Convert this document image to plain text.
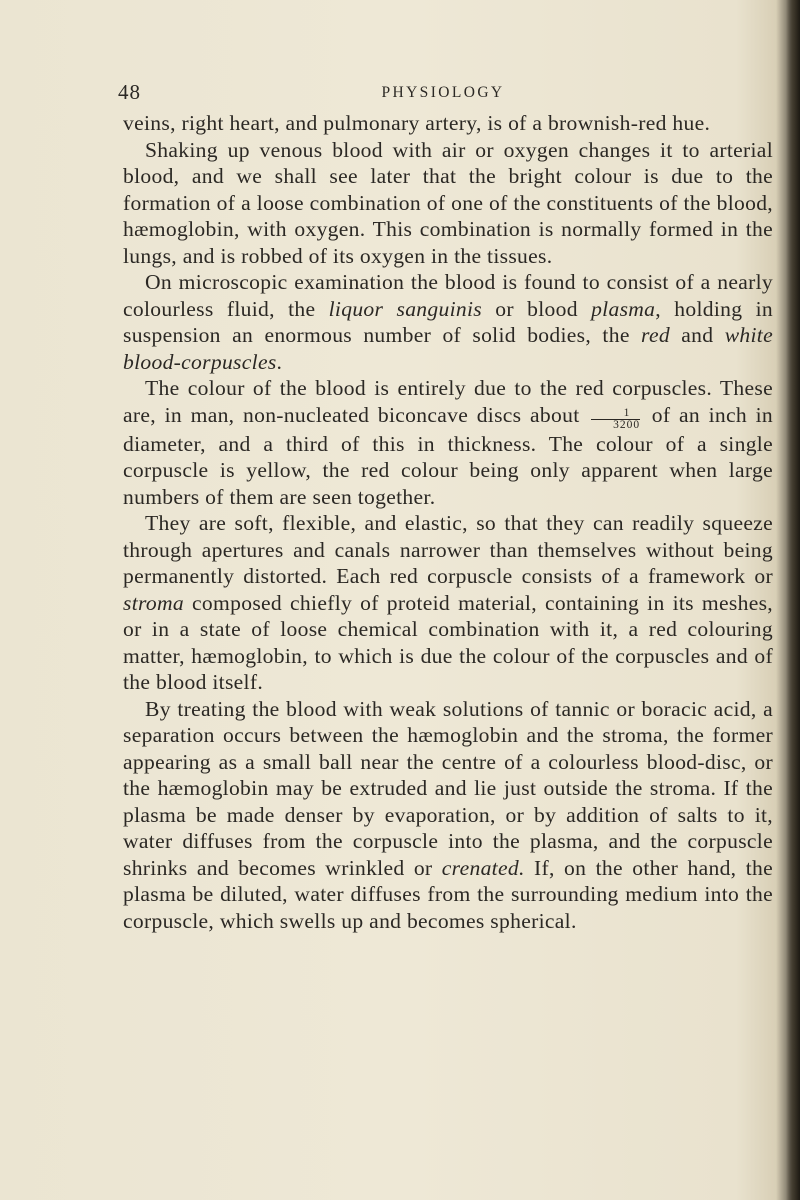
48	PHYSIOLOGY

veins, right heart, and pulmonary artery, is of a brownish-red hue.

Shaking up venous blood with air or oxygen changes it to arterial blood, and we shall see later that the bright colour is due to the formation of a loose combination of one of the constituents of the blood, hæmoglobin, with oxygen. This combination is normally formed in the lungs, and is robbed of its oxygen in the tissues.

On microscopic examination the blood is found to consist of a nearly colourless fluid, the liquor sanguinis or blood plasma, holding in suspension an enormous number of solid bodies, the red and white blood-corpuscles.

The colour of the blood is entirely due to the red corpuscles. These are, in man, non-nucleated biconcave discs about $\frac{1}{3200}$ of an inch in diameter, and a third of this in thickness. The colour of a single corpuscle is yellow, the red colour being only apparent when large numbers of them are seen together.

They are soft, flexible, and elastic, so that they can readily squeeze through apertures and canals narrower than themselves without being permanently distorted. Each red corpuscle consists of a framework or stroma composed chiefly of proteid material, containing in its meshes, or in a state of loose chemical combination with it, a red colouring matter, hæmoglobin, to which is due the colour of the corpuscles and of the blood itself.

By treating the blood with weak solutions of tannic or boracic acid, a separation occurs between the hæmoglobin and the stroma, the former appearing as a small ball near the centre of a colourless blood-disc, or the hæmoglobin may be extruded and lie just outside the stroma. If the plasma be made denser by evaporation, or by addition of salts to it, water diffuses from the corpuscle into the plasma, and the corpuscle shrinks and becomes wrinkled or crenated. If, on the other hand, the plasma be diluted, water diffuses from the surrounding medium into the corpuscle, which swells up and becomes spherical.
